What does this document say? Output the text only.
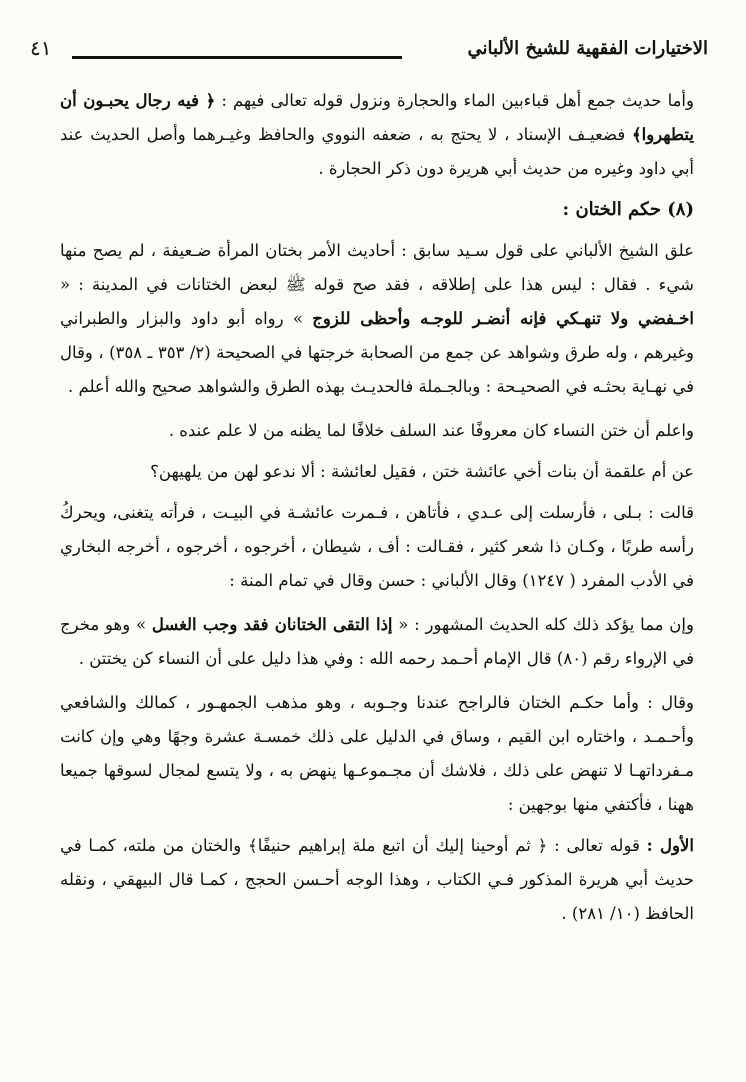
الاختيارات الفقهية للشيخ الألباني
٤١

وأما حديث جمع أهل قباءبين الماء والحجارة ونزول قوله تعالى فيهم : ﴿ فيه رجال يحبـون أن يتطهروا﴾ فضعيـف الإسناد ، لا يحتج به ، ضعفه النووي والحافظ وغيـرهما وأصل الحديث عند أبي داود وغيره من حديث أبي هريرة دون ذكر الحجارة .

(٨) حكم الختان :

علق الشيخ الألباني على قول سـيد سابق : أحاديث الأمر بختان المرأة ضـعيفة ، لم يصح منها شيء . فقال : ليس هذا على إطلاقه ، فقد صح قوله ﷺ لبعض الختانات في المدينة : « اخـفضي ولا تنهـكي فإنه أنضـر للوجـه وأحظى للزوج » رواه أبو داود والبزار والطبراني وغيرهم ، وله طرق وشواهد عن جمع من الصحابة خرجتها في الصحيحة (٢/ ٣٥٣ ـ ٣٥٨) ، وقال في نهـاية بحثـه في الصحيـحة : وبالجـملة فالحديـث بهذه الطرق والشواهد صحيح والله أعلم .

واعلم أن ختن النساء كان معروفًا عند السلف خلافًا لما يظنه من لا علم عنده .

عن أم علقمة أن بنات أخي عائشة ختن ، فقيل لعائشة : ألا ندعو لهن من يلهيهن؟

قالت : بـلى ، فأرسلت إلى عـدي ، فأتاهن ، فـمرت عائشـة في البيـت ، فرأته يتغنى، ويحركُ رأسه طربًا ، وكـان ذا شعر كثير ، فقـالت : أف ، شيطان ، أخرجوه ، أخرجوه ، أخرجه البخاري في الأدب المفرد ( ١٢٤٧) وقال الألباني : حسن وقال في تمام المنة :

وإن مما يؤكد ذلك كله الحديث المشهور : « إذا التقى الختانان فقد وجب الغسل » وهو مخرج في الإرواء رقم (٨٠) قال الإمام أحـمد رحمه الله : وفي هذا دليل على أن النساء كن يختتن .

وقال : وأما حكـم الختان فالراجح عندنا وجـوبه ، وهو مذهب الجمهـور ، كمالك والشافعي وأحـمـد ، واختاره ابن القيم ، وساق في الدليل على ذلك خمسـة عشرة وجهًا وهي وإن كانت مـفرداتهـا لا تنهض على ذلك ، فلاشك أن مجـموعـها ينهض به ، ولا يتسع لمجال لسوقها جميعا ههنا ، فأكتفي منها بوجهين :

الأول : قوله تعالى : ﴿ ثم أوحينا إليك أن اتبع ملة إبراهيم حنيفًا﴾ والختان من ملته، كمـا في حديث أبي هريرة المذكور فـي الكتاب ، وهذا الوجه أحـسن الحجج ، كمـا قال البيهقي ، ونقله الحافظ (١٠/ ٢٨١) .
